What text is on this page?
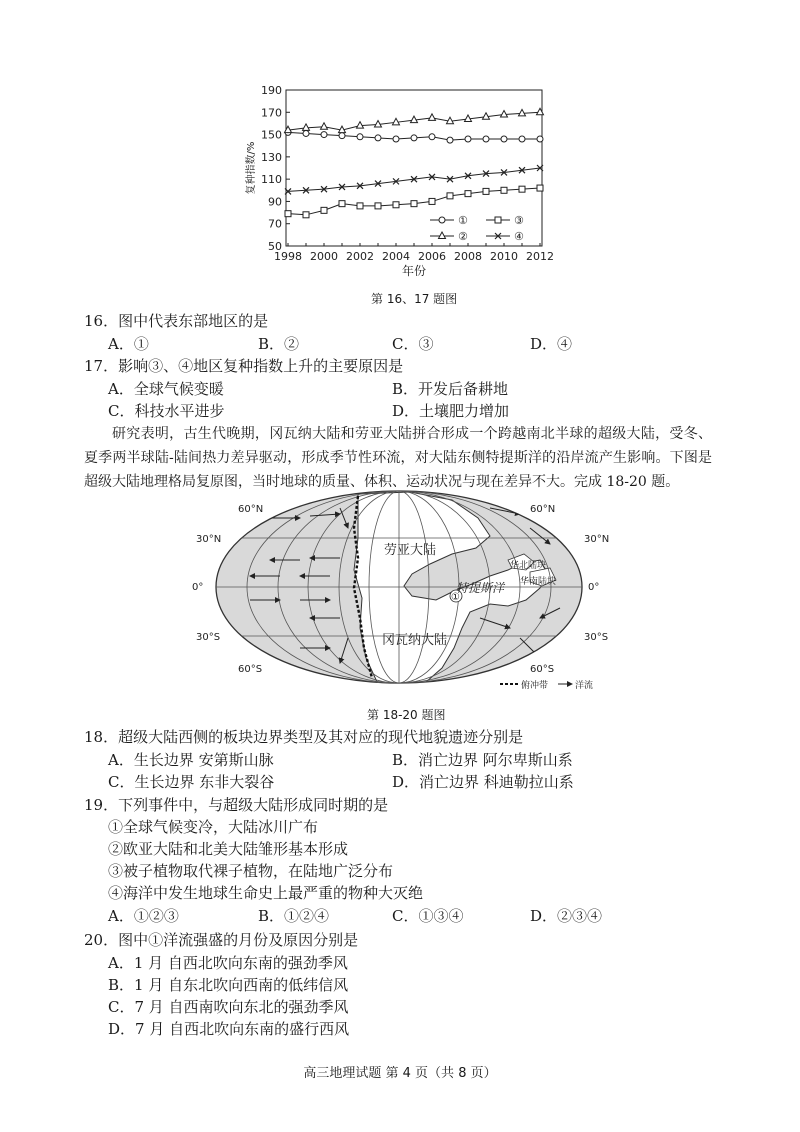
50
70
90
110
130
150
170
190
1998 2000 2002 2004 2006 2008 2010 2012
年份
复种指数/%
①
②
③
④
第 16、17 题图
16．图中代表东部地区的是
A．①	B．②	C．③	D．④
17．影响③、④地区复种指数上升的主要原因是
A．全球气候变暖	B．开发后备耕地
C．科技水平进步	D．土壤肥力增加
研究表明，古生代晚期，冈瓦纳大陆和劳亚大陆拼合形成一个跨越南北半球的超级大陆，受冬、夏季两半球陆-陆间热力差异驱动，形成季节性环流，对大陆东侧特提斯洋的沿岸流产生影响。下图是超级大陆地理格局复原图，当时地球的质量、体积、运动状况与现在差异不大。完成 18-20 题。
劳亚大陆
冈瓦纳大陆
特提斯洋
①
华北陆块
华南陆块
60°N
30°N
0°
30°S
60°S
60°N
30°N
0°
30°S
60°S
俯冲带	洋流
第 18-20 题图
18．超级大陆西侧的板块边界类型及其对应的现代地貌遗迹分别是
A．生长边界 安第斯山脉	B．消亡边界 阿尔卑斯山系
C．生长边界 东非大裂谷	D．消亡边界 科迪勒拉山系
19．下列事件中，与超级大陆形成同时期的是
①全球气候变冷，大陆冰川广布
②欧亚大陆和北美大陆雏形基本形成
③被子植物取代裸子植物，在陆地广泛分布
④海洋中发生地球生命史上最严重的物种大灭绝
A．①②③	B．①②④	C．①③④	D．②③④
20．图中①洋流强盛的月份及原因分别是
A．1 月 自西北吹向东南的强劲季风
B．1 月 自东北吹向西南的低纬信风
C．7 月 自西南吹向东北的强劲季风
D．7 月 自西北吹向东南的盛行西风
高三地理试题 第 4 页（共 8 页）
